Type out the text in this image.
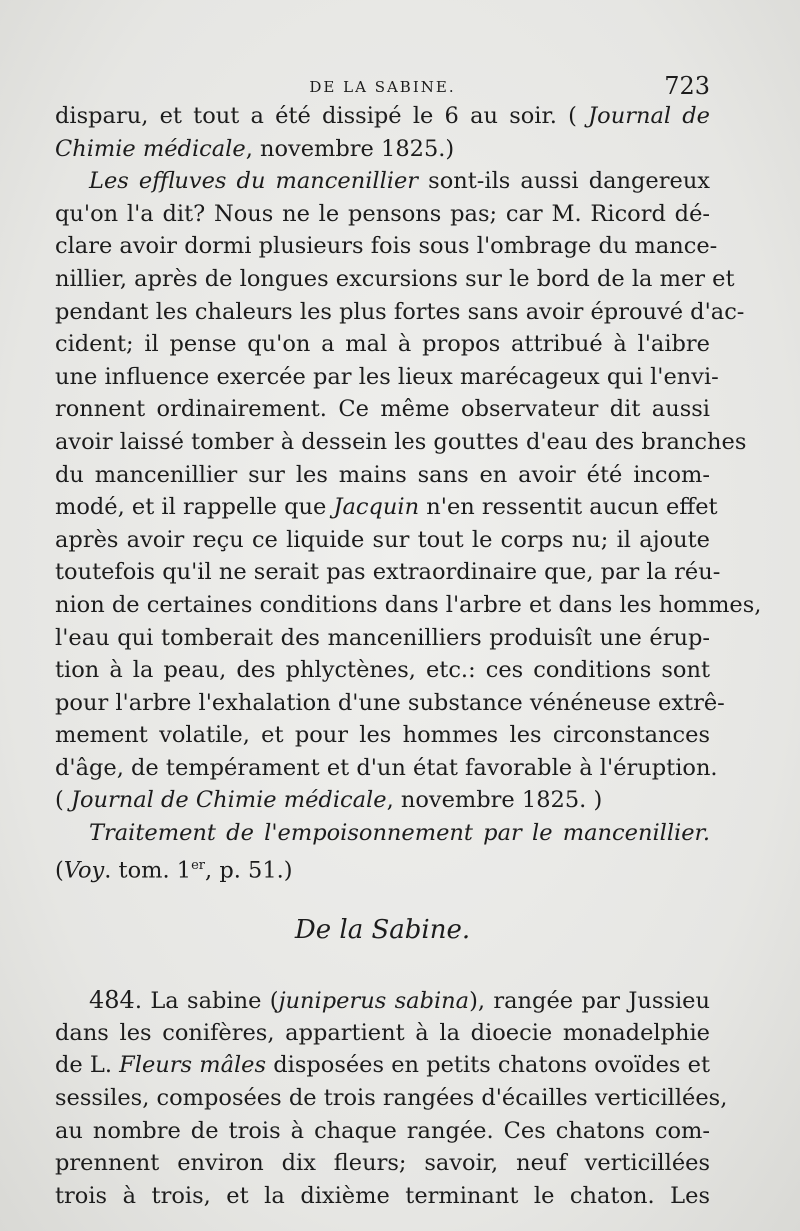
DE LA SABINE.	723
disparu, et tout a été dissipé le 6 au soir. ( Journal de
Chimie médicale, novembre 1825.)
Les effluves du mancenillier sont-ils aussi dangereux
qu'on l'a dit? Nous ne le pensons pas; car M. Ricord dé-
clare avoir dormi plusieurs fois sous l'ombrage du mance-
nillier, après de longues excursions sur le bord de la mer et
pendant les chaleurs les plus fortes sans avoir éprouvé d'ac-
cident; il pense qu'on a mal à propos attribué à l'aibre
une influence exercée par les lieux marécageux qui l'envi-
ronnent ordinairement. Ce même observateur dit aussi
avoir laissé tomber à dessein les gouttes d'eau des branches
du mancenillier sur les mains sans en avoir été incom-
modé, et il rappelle que Jacquin n'en ressentit aucun effet
après avoir reçu ce liquide sur tout le corps nu; il ajoute
toutefois qu'il ne serait pas extraordinaire que, par la réu-
nion de certaines conditions dans l'arbre et dans les hommes,
l'eau qui tomberait des mancenilliers produisît une érup-
tion à la peau, des phlyctènes, etc.: ces conditions sont
pour l'arbre l'exhalation d'une substance vénéneuse extrê-
mement volatile, et pour les hommes les circonstances
d'âge, de tempérament et d'un état favorable à l'éruption.
( Journal de Chimie médicale, novembre 1825. )
Traitement de l'empoisonnement par le mancenillier.
(Voy. tom. 1er, p. 51.)
De la Sabine.
484. La sabine (juniperus sabina), rangée par Jussieu
dans les conifères, appartient à la dioecie monadelphie
de L. Fleurs mâles disposées en petits chatons ovoïdes et
sessiles, composées de trois rangées d'écailles verticillées,
au nombre de trois à chaque rangée. Ces chatons com-
prennent environ dix fleurs; savoir, neuf verticillées
trois à trois, et la dixième terminant le chaton. Les
